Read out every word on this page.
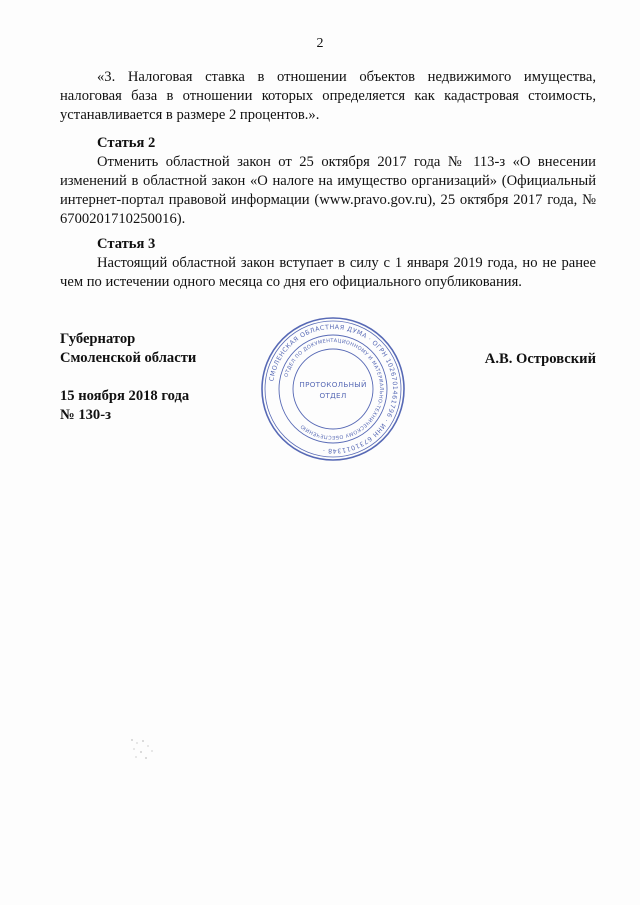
2

«3. Налоговая ставка в отношении объектов недвижимого имущества, налоговая база в отношении которых определяется как кадастровая стоимость, устанавливается в размере 2 процентов.».

Статья 2

Отменить областной закон от 25 октября 2017 года № 113-з «О внесении изменений в областной закон «О налоге на имущество организаций» (Официальный интернет-портал правовой информации (www.pravo.gov.ru), 25 октября 2017 года, № 6700201710250016).

Статья 3

Настоящий областной закон вступает в силу с 1 января 2019 года, но не ранее чем по истечении одного месяца со дня его официального опубликования.

Губернатор
Смоленской области
15 ноября 2018 года
№ 130-з
А.В. Островский
СМОЛЕНСКАЯ ОБЛАСТНАЯ ДУМА · ОГРН 1026701461796 · ИНН 6731011348 ·
ОТДЕЛ ПО ДОКУМЕНТАЦИОННОМУ И МАТЕРИАЛЬНО-ТЕХНИЧЕСКОМУ ОБЕСПЕЧЕНИЮ
ПРОТОКОЛЬНЫЙ
ОТДЕЛ
